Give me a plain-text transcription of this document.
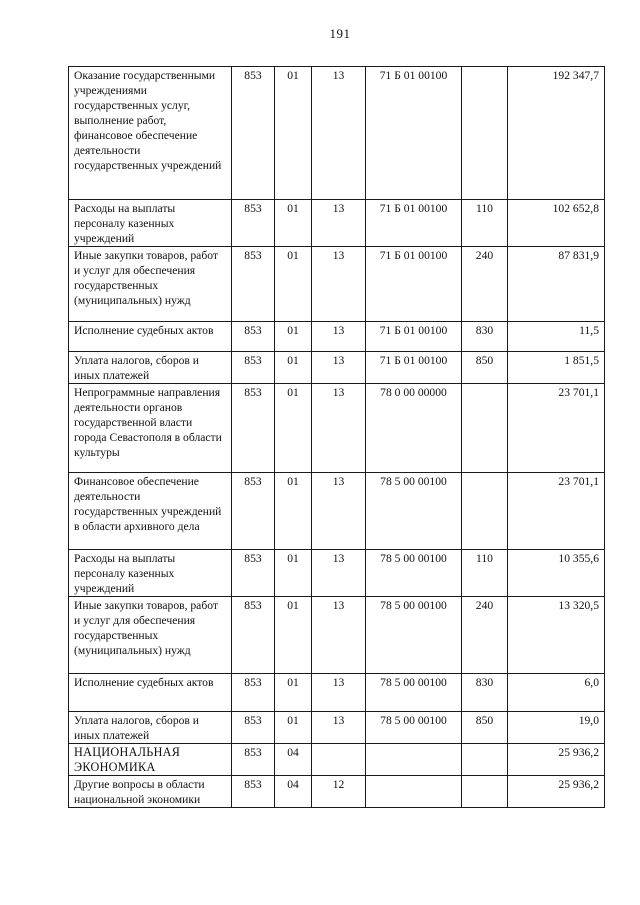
191
Оказание государственными учреждениями государственных услуг, выполнение работ, финансовое обеспечение деятельности государственных учреждений	853	01	13	71 Б 01 00100		192 347,7
Расходы на выплаты персоналу казенных учреждений	853	01	13	71 Б 01 00100	110	102 652,8
Иные закупки товаров, работ и услуг для обеспечения государственных (муниципальных) нужд	853	01	13	71 Б 01 00100	240	87 831,9
Исполнение судебных актов	853	01	13	71 Б 01 00100	830	11,5
Уплата налогов, сборов и иных платежей	853	01	13	71 Б 01 00100	850	1 851,5
Непрограммные направления деятельности органов государственной власти города Севастополя в области культуры	853	01	13	78 0 00 00000		23 701,1
Финансовое обеспечение деятельности государственных учреждений в области архивного дела	853	01	13	78 5 00 00100		23 701,1
Расходы на выплаты персоналу казенных учреждений	853	01	13	78 5 00 00100	110	10 355,6
Иные закупки товаров, работ и услуг для обеспечения государственных (муниципальных) нужд	853	01	13	78 5 00 00100	240	13 320,5
Исполнение судебных актов	853	01	13	78 5 00 00100	830	6,0
Уплата налогов, сборов и иных платежей	853	01	13	78 5 00 00100	850	19,0
НАЦИОНАЛЬНАЯ ЭКОНОМИКА	853	04				25 936,2
Другие вопросы в области национальной экономики	853	04	12			25 936,2
